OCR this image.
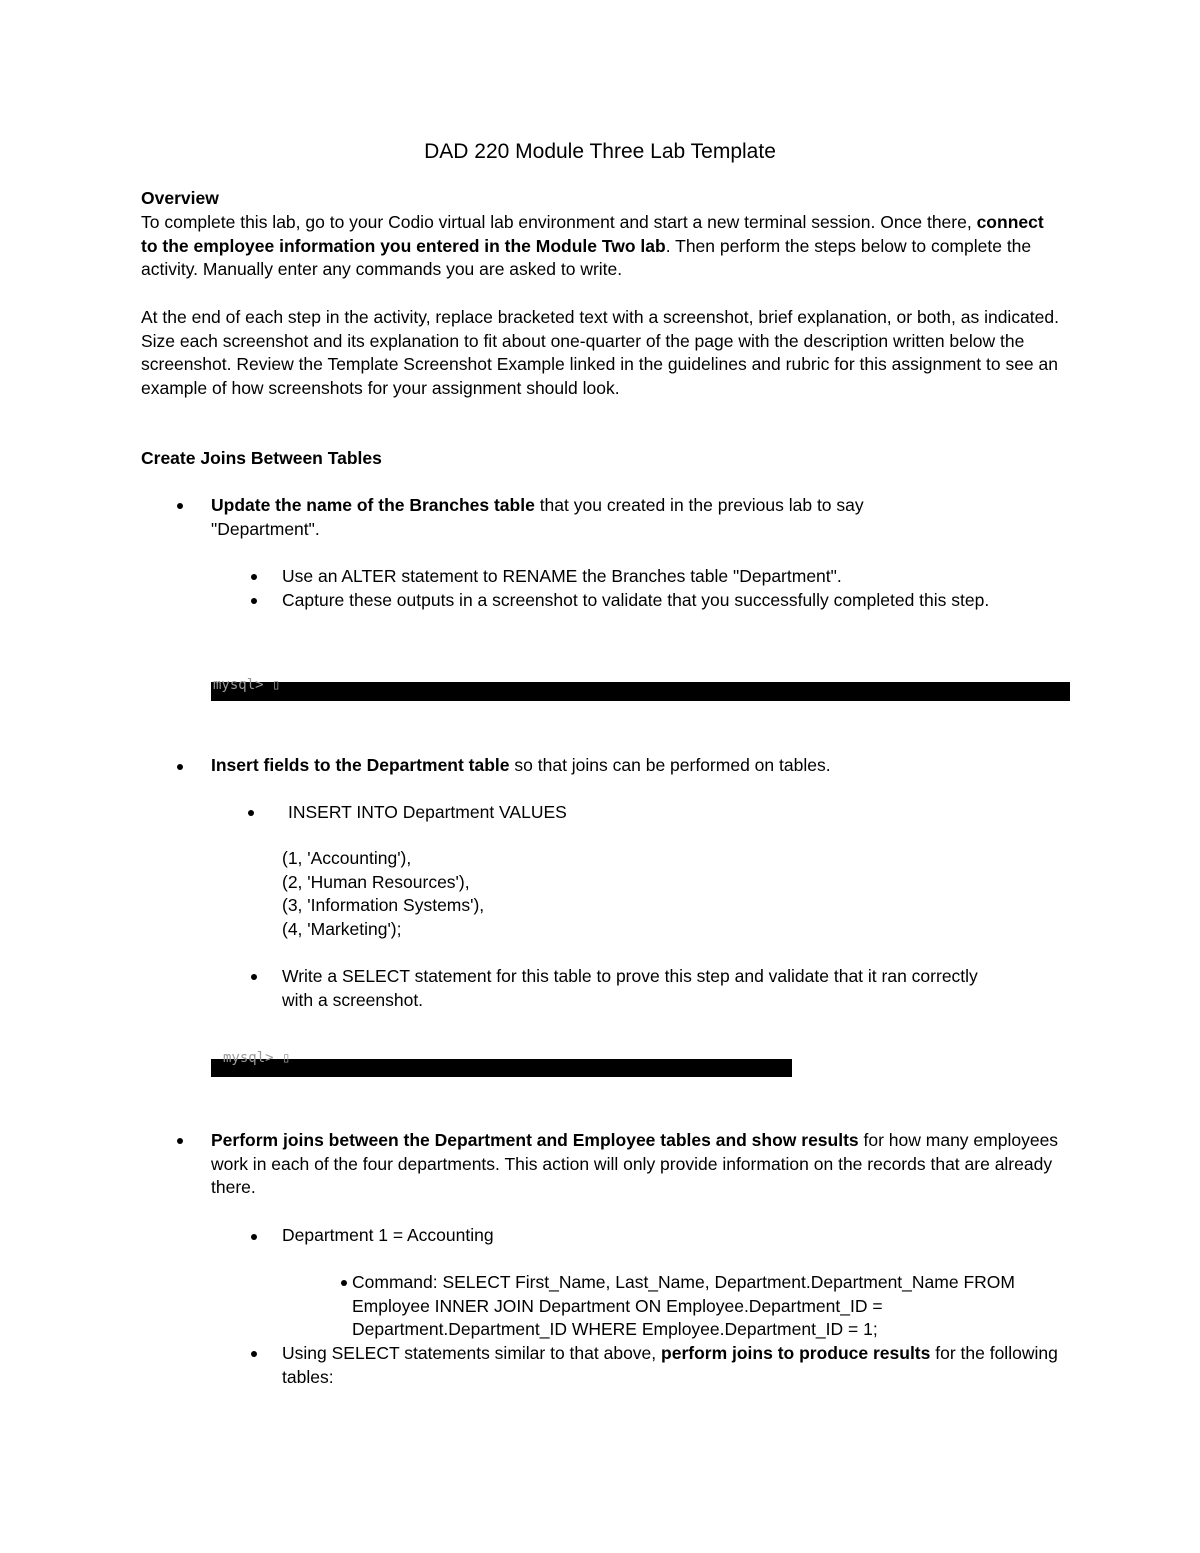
DAD 220 Module Three Lab Template
Overview

To complete this lab, go to your Codio virtual lab environment and start a new terminal session. Once there, connect to the employee information you entered in the Module Two lab. Then perform the steps below to complete the activity. Manually enter any commands you are asked to write.

At the end of each step in the activity, replace bracketed text with a screenshot, brief explanation, or both, as indicated. Size each screenshot and its explanation to fit about one-quarter of the page with the description written below the screenshot. Review the Template Screenshot Example linked in the guidelines and rubric for this assignment to see an example of how screenshots for your assignment should look.

Create Joins Between Tables

Update the name of the Branches table that you created in the previous lab to say "Department".

Use an ALTER statement to RENAME the Branches table "Department".

Capture these outputs in a screenshot to validate that you successfully completed this step.

mysql> ▯

Insert fields to the Department table so that joins can be performed on tables.

INSERT INTO Department VALUES

(1, 'Accounting'),
(2, 'Human Resources'),
(3, 'Information Systems'),
(4, 'Marketing');

Write a SELECT statement for this table to prove this step and validate that it ran correctly with a screenshot.

mysql> ▯

Perform joins between the Department and Employee tables and show results for how many employees work in each of the four departments. This action will only provide information on the records that are already there.

Department 1 = Accounting

Command: SELECT First_Name, Last_Name, Department.Department_Name FROM Employee INNER JOIN Department ON Employee.Department_ID = Department.Department_ID WHERE Employee.Department_ID = 1;

Using SELECT statements similar to that above, perform joins to produce results for the following tables:
